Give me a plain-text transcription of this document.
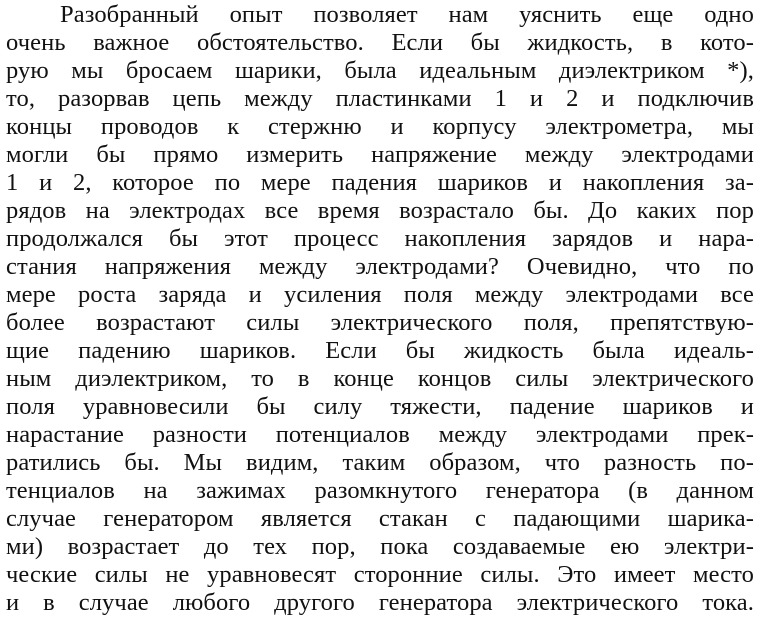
Разобранный опыт позволяет нам уяснить еще одно
очень важное обстоятельство. Если бы жидкость, в кото-
рую мы бросаем шарики, была идеальным диэлектриком *),
то, разорвав цепь между пластинками 1 и 2 и подключив
концы проводов к стержню и корпусу электрометра, мы
могли бы прямо измерить напряжение между электродами
1 и 2, которое по мере падения шариков и накопления за-
рядов на электродах все время возрастало бы. До каких пор
продолжался бы этот процесс накопления зарядов и нара-
стания напряжения между электродами? Очевидно, что по
мере роста заряда и усиления поля между электродами все
более возрастают силы электрического поля, препятствую-
щие падению шариков. Если бы жидкость была идеаль-
ным диэлектриком, то в конце концов силы электрического
поля уравновесили бы силу тяжести, падение шариков и
нарастание разности потенциалов между электродами прек-
ратились бы. Мы видим, таким образом, что разность по-
тенциалов на зажимах разомкнутого генератора (в данном
случае генератором является стакан с падающими шарика-
ми) возрастает до тех пор, пока создаваемые ею электри-
ческие силы не уравновесят сторонние силы. Это имеет место
и в случае любого другого генератора электрического тока.
